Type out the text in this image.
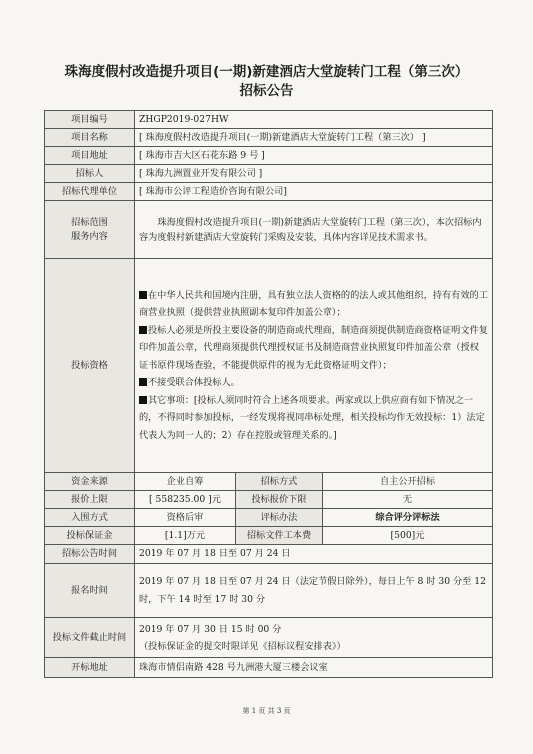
珠海度假村改造提升项目(一期)新建酒店大堂旋转门工程（第三次）
招标公告
项目编号	ZHGP2019-027HW		
项目名称	[ 珠海度假村改造提升项目(一期)新建酒店大堂旋转门工程（第三次） ]		
项目地址	[ 珠海市吉大区石花东路 9 号 ]		
招标人	[ 珠海九洲置业开发有限公司 ]		
招标代理单位	[ 珠海市公评工程造价咨询有限公司]		

招标范围
服务内容	珠海度假村改造提升项目(一期)新建酒店大堂旋转门工程（第三次），本次招标内容为度假村新建酒店大堂旋转门采购及安装，具体内容详见技术需求书。		

投标资格	在中华人民共和国境内注册，具有独立法人资格的的法人或其他组织，持有有效的工商营业执照（提供营业执照副本复印件加盖公章）；

投标人必须是所投主要设备的制造商或代理商，制造商须提供制造商资格证明文件复印件加盖公章，代理商须提供代理授权证书及制造商营业执照复印件加盖公章（授权证书原件现场查验，不能提供原件的视为无此资格证明文件）；

不接受联合体投标人。

其它事项：[投标人须同时符合上述各项要求。两家或以上供应商有如下情况之一的，不得同时参加投标，一经发现将视同串标处理，相关投标均作无效投标：1）法定代表人为同一人的；2）存在控股或管理关系的。]		

资金来源	企业自筹	招标方式	自主公开招标
报价上限	[ 558235.00 ]元	投标报价下限	无
入围方式	资格后审	评标办法	综合评分评标法
投标保证金	[1.1]万元	招标文件工本费	[500]元
招标公告时间	2019 年 07 月 18 日至 07 月 24 日		
报名时间	2019 年 07 月 18 日至 07 月 24 日（法定节假日除外），每日上午 8 时 30 分至 12 时，下午 14 时至 17 时 30 分		

投标文件截止时间	2019 年 07 月 30 日 15 时 00 分
（投标保证金的提交时限详见《招标议程安排表》）		

开标地址	珠海市情侣南路 428 号九洲港大厦三楼会议室		
第 1 页 共 3 页
